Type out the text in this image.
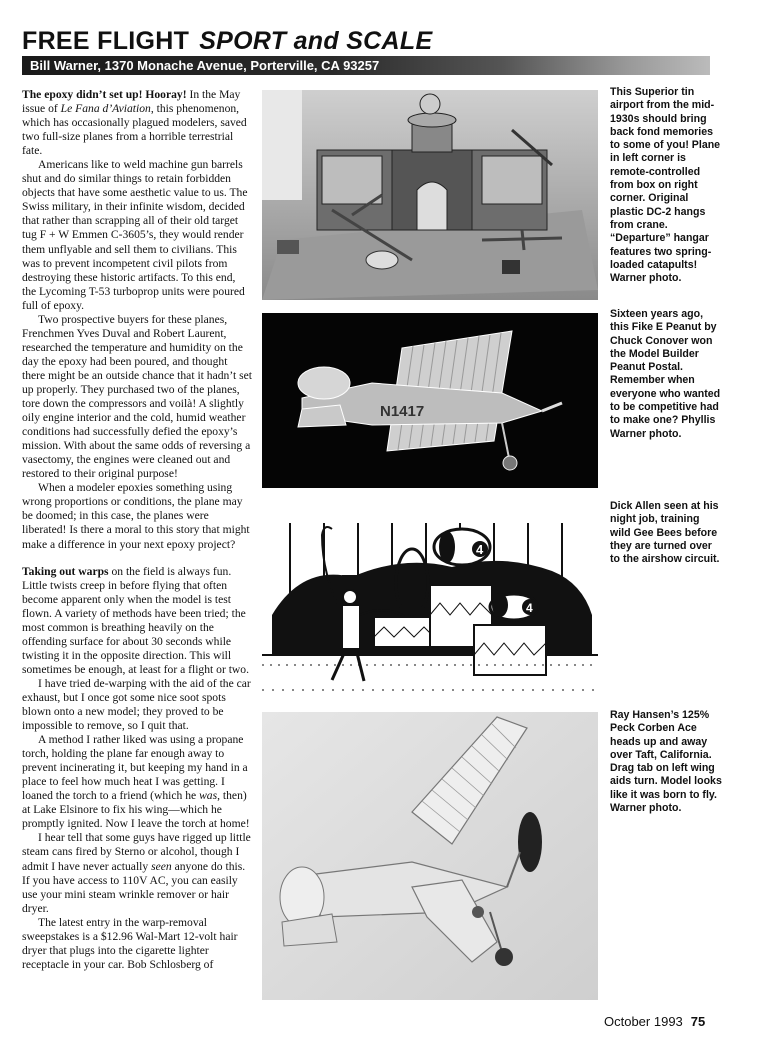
FREE FLIGHT SPORT and SCALE
Bill Warner, 1370 Monache Avenue, Porterville, CA 93257

The epoxy didn’t set up! Hooray! In the May issue of Le Fana d’Aviation, this phenomenon, which has occasionally plagued modelers, saved two full-size planes from a horrible terrestrial fate.

Americans like to weld machine gun barrels shut and do similar things to retain forbidden objects that have some aesthetic value to us. The Swiss military, in their infinite wisdom, decided that rather than scrapping all of their old target tug F + W Emmen C-3605’s, they would render them unflyable and sell them to civilians. This was to prevent incompetent civil pilots from destroying these historic artifacts. To this end, the Lycoming T-53 turboprop units were poured full of epoxy.

Two prospective buyers for these planes, Frenchmen Yves Duval and Robert Laurent, researched the temperature and humidity on the day the epoxy had been poured, and thought there might be an outside chance that it hadn’t set up properly. They purchased two of the planes, tore down the compressors and voilà! A slightly oily engine interior and the cold, humid weather conditions had successfully defied the epoxy’s mission. With about the same odds of reversing a vasectomy, the engines were cleaned out and restored to their original purpose!

When a modeler epoxies something using wrong proportions or conditions, the plane may be doomed; in this case, the planes were liberated! Is there a moral to this story that might make a difference in your next epoxy project?

Taking out warps on the field is always fun. Little twists creep in before flying that often become apparent only when the model is test flown. A variety of methods have been tried; the most common is breathing heavily on the offending surface for about 30 seconds while twisting it in the opposite direction. This will sometimes be enough, at least for a flight or two.

I have tried de-warping with the aid of the car exhaust, but I once got some nice soot spots blown onto a new model; they proved to be impossible to remove, so I quit that.

A method I rather liked was using a propane torch, holding the plane far enough away to prevent incinerating it, but keeping my hand in a place to feel how much heat I was getting. I loaned the torch to a friend (which he was, then) at Lake Elsinore to fix his wing—which he promptly ignited. Now I leave the torch at home!

I hear tell that some guys have rigged up little steam cans fired by Sterno or alcohol, though I admit I have never actually seen anyone do this. If you have access to 110V AC, you can easily use your mini steam wrinkle remover or hair dryer.

The latest entry in the warp-removal sweepstakes is a $12.96 Wal-Mart 12-volt hair dryer that plugs into the cigarette lighter receptacle in your car. Bob Schlosberg of

N1417
4
4
This Superior tin airport from the mid-1930s should bring back fond memories to some of you! Plane in left corner is remote-controlled from box on right corner. Original plastic DC-2 hangs from crane. “Departure” hangar features two spring-loaded catapults! Warner photo.
Sixteen years ago, this Fike E Peanut by Chuck Conover won the Model Builder Peanut Postal. Remember when everyone who wanted to be competitive had to make one? Phyllis Warner photo.
Dick Allen seen at his night job, training wild Gee Bees before they are turned over to the airshow circuit.
Ray Hansen’s 125% Peck Corben Ace heads up and away over Taft, California. Drag tab on left wing aids turn. Model looks like it was born to fly. Warner photo.
October 1993 75
